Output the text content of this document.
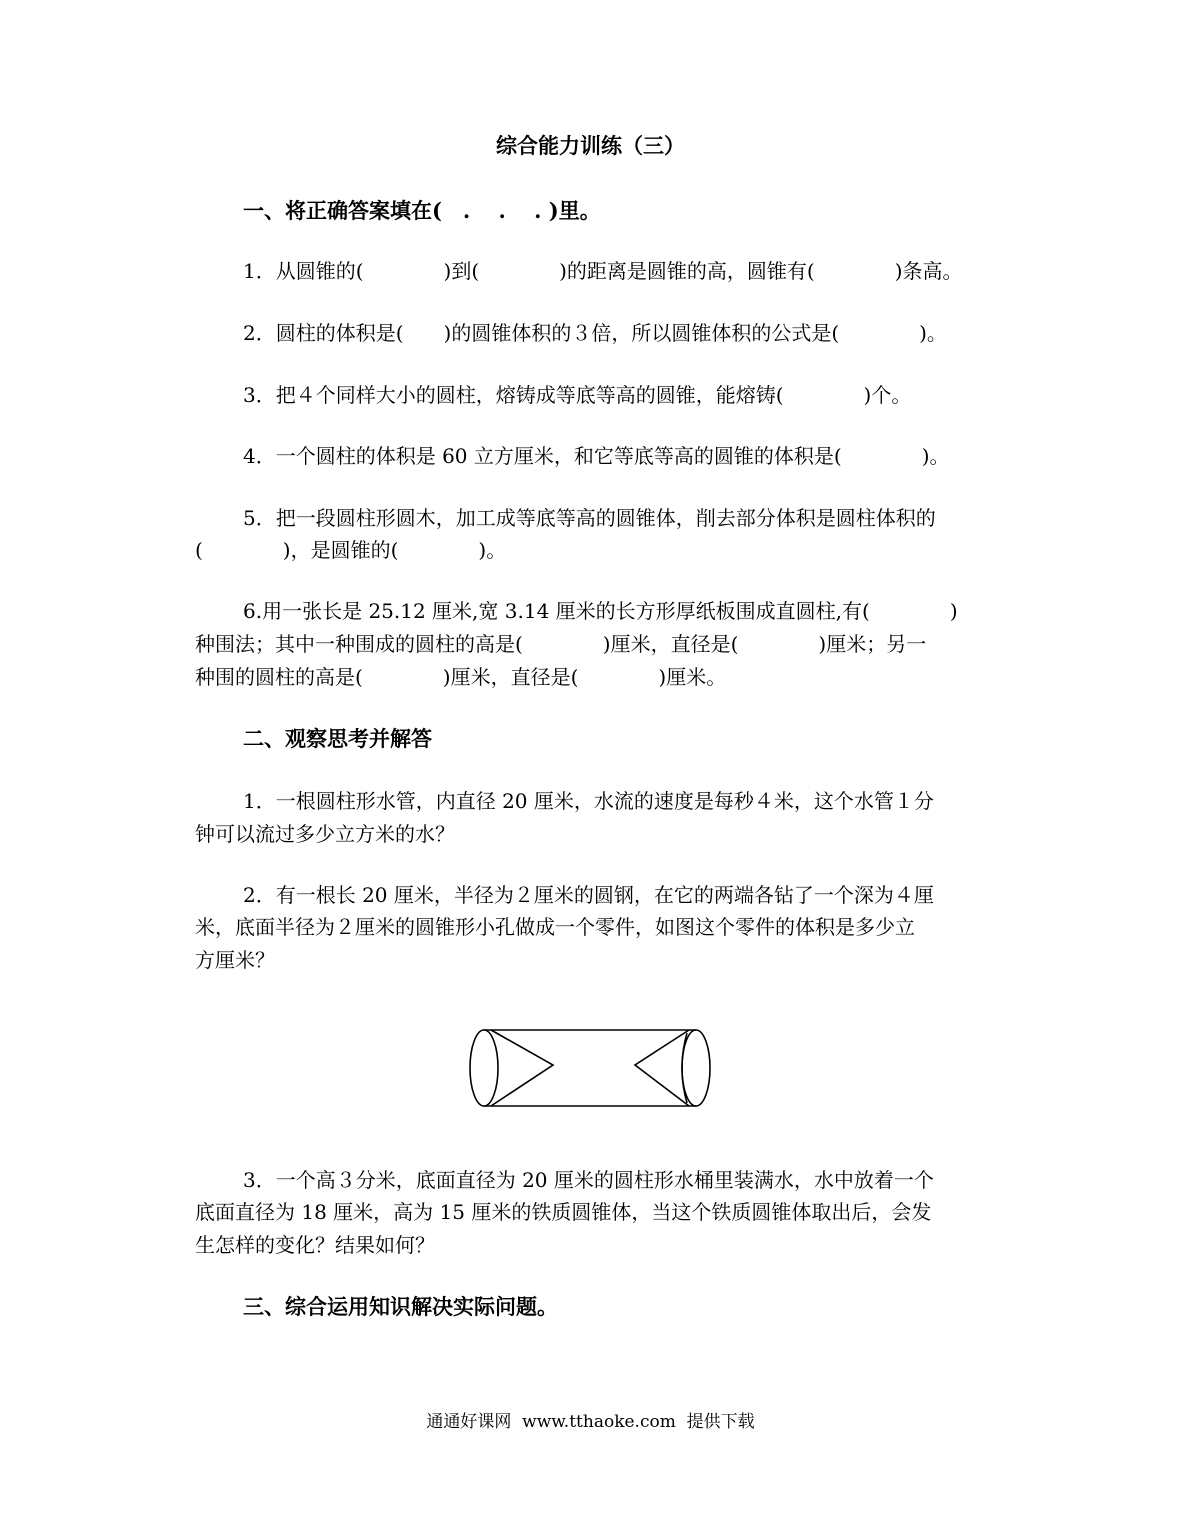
综合能力训练（三）
一、将正确答案填在(　. 　. 　. )里。
1．从圆锥的(　　　　)到(　　　　)的距离是圆锥的高，圆锥有(　　　　)条高。
2．圆柱的体积是(　　)的圆锥体积的３倍，所以圆锥体积的公式是(　　　　)。
3．把４个同样大小的圆柱，熔铸成等底等高的圆锥，能熔铸(　　　　)个。
4．一个圆柱的体积是 60 立方厘米，和它等底等高的圆锥的体积是(　　　　)。
5．把一段圆柱形圆木，加工成等底等高的圆锥体，削去部分体积是圆柱体积的
(　　　　)，是圆锥的(　　　　)。
6.用一张长是 25.12 厘米,宽 3.14 厘米的长方形厚纸板围成直圆柱,有(　　　　)
种围法；其中一种围成的圆柱的高是(　　　　)厘米，直径是(　　　　)厘米；另一
种围的圆柱的高是(　　　　)厘米，直径是(　　　　)厘米。
二、观察思考并解答
1．一根圆柱形水管，内直径 20 厘米，水流的速度是每秒４米，这个水管１分
钟可以流过多少立方米的水？
2．有一根长 20 厘米，半径为２厘米的圆钢，在它的两端各钻了一个深为４厘
米，底面半径为２厘米的圆锥形小孔做成一个零件，如图这个零件的体积是多少立
方厘米？
3．一个高３分米，底面直径为 20 厘米的圆柱形水桶里装满水，水中放着一个
底面直径为 18 厘米，高为 15 厘米的铁质圆锥体，当这个铁质圆锥体取出后，会发
生怎样的变化？结果如何？
三、综合运用知识解决实际问题。
通通好课网  www.tthaoke.com  提供下载
